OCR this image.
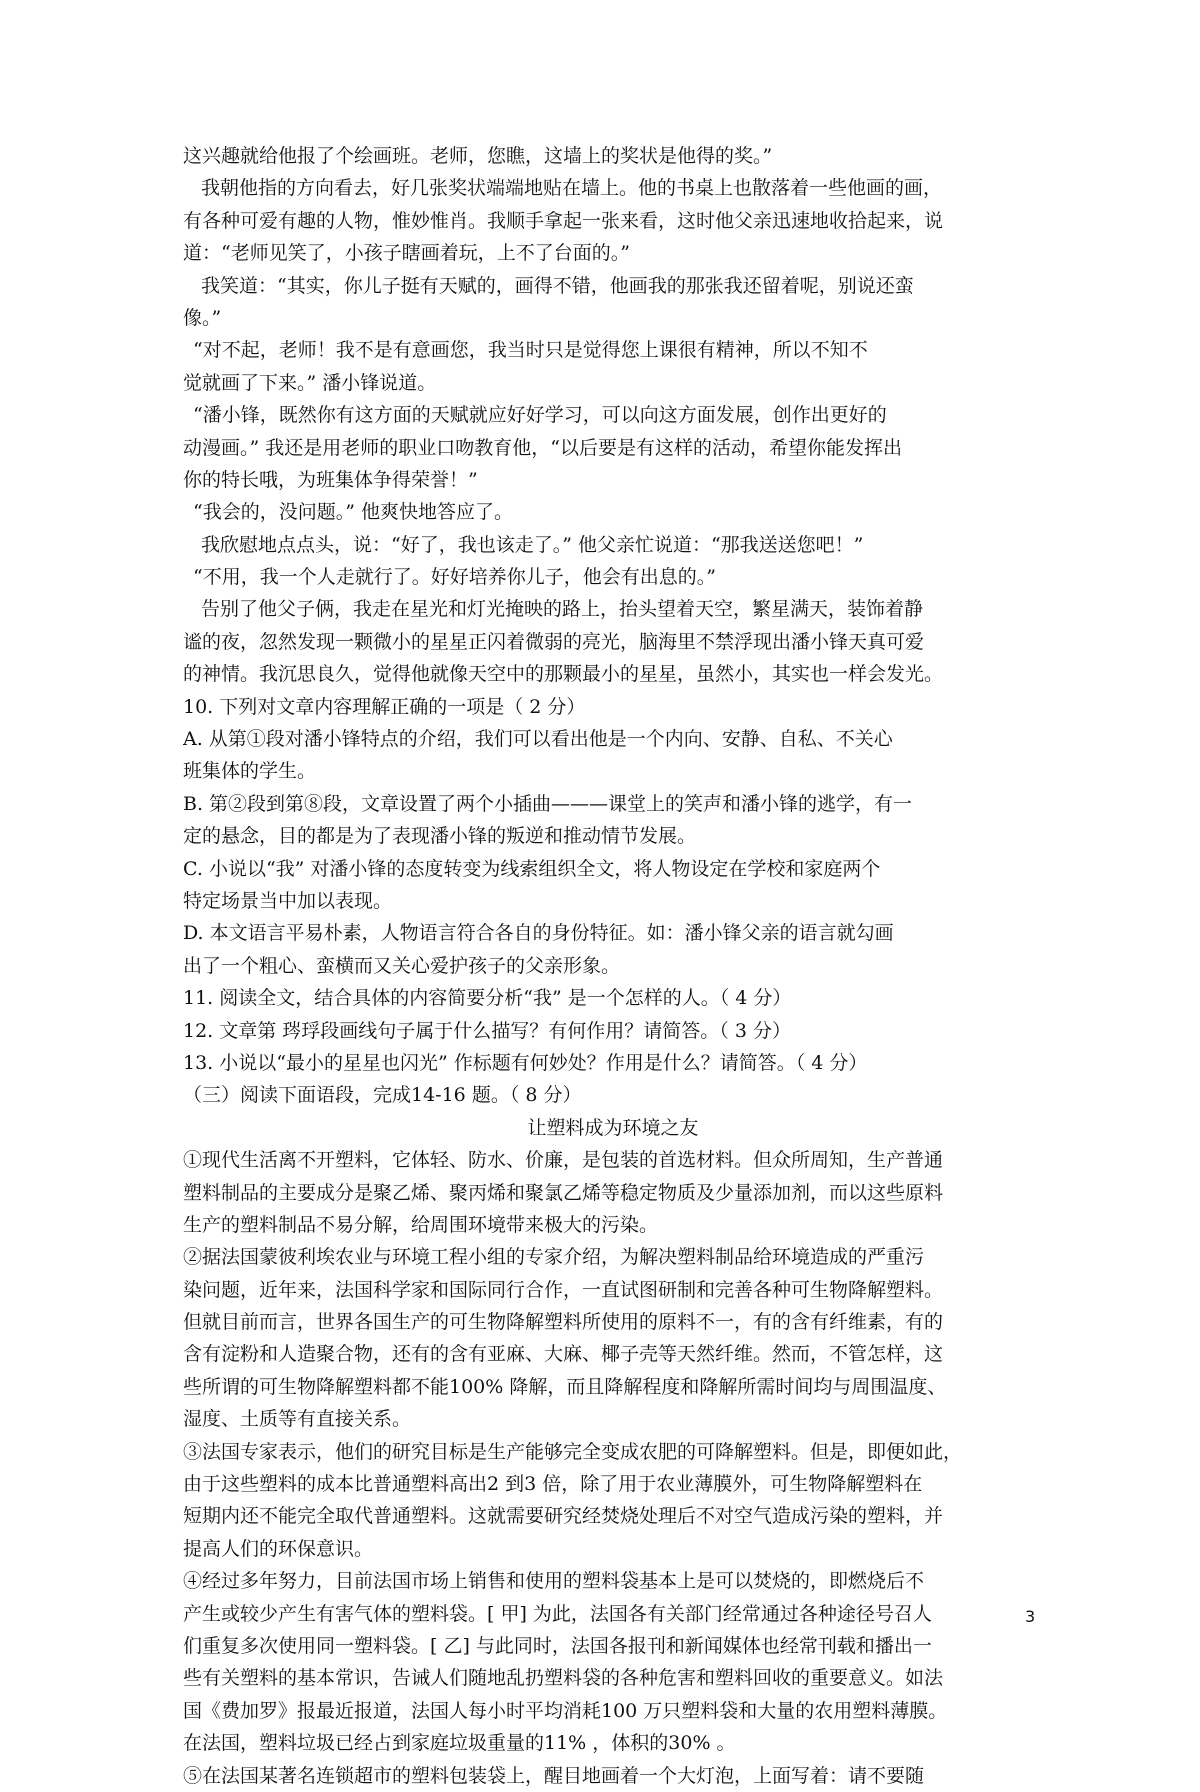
这兴趣就给他报了个绘画班。老师，您瞧，这墙上的奖状是他得的奖。”
我朝他指的方向看去，好几张奖状端端地贴在墙上。他的书桌上也散落着一些他画的画，
有各种可爱有趣的人物，惟妙惟肖。我顺手拿起一张来看，这时他父亲迅速地收拾起来，说
道：“老师见笑了，小孩子瞎画着玩，上不了台面的。”
我笑道：“其实，你儿子挺有天赋的，画得不错，他画我的那张我还留着呢，别说还蛮
像。”
“对不起，老师！我不是有意画您，我当时只是觉得您上课很有精神，所以不知不
觉就画了下来。” 潘小锋说道。
“潘小锋，既然你有这方面的天赋就应好好学习，可以向这方面发展，创作出更好的
动漫画。” 我还是用老师的职业口吻教育他，“以后要是有这样的活动，希望你能发挥出
你的特长哦，为班集体争得荣誉！”
“我会的，没问题。” 他爽快地答应了。
我欣慰地点点头，说：“好了，我也该走了。” 他父亲忙说道：“那我送送您吧！”
“不用，我一个人走就行了。好好培养你儿子，他会有出息的。”
告别了他父子俩，我走在星光和灯光掩映的路上，抬头望着天空，繁星满天，装饰着静
谧的夜，忽然发现一颗微小的星星正闪着微弱的亮光，脑海里不禁浮现出潘小锋天真可爱
的神情。我沉思良久，觉得他就像天空中的那颗最小的星星，虽然小，其实也一样会发光。
10. 下列对文章内容理解正确的一项是（ 2 分）
A. 从第①段对潘小锋特点的介绍，我们可以看出他是一个内向、安静、自私、不关心
班集体的学生。
B. 第②段到第⑧段，文章设置了两个小插曲———课堂上的笑声和潘小锋的逃学，有一
定的悬念，目的都是为了表现潘小锋的叛逆和推动情节发展。
C. 小说以“我” 对潘小锋的态度转变为线索组织全文，将人物设定在学校和家庭两个
特定场景当中加以表现。
D. 本文语言平易朴素，人物语言符合各自的身份特征。如：潘小锋父亲的语言就勾画
出了一个粗心、蛮横而又关心爱护孩子的父亲形象。
11. 阅读全文，结合具体的内容简要分析“我” 是一个怎样的人。（ 4 分）
12. 文章第 琌琈段画线句子属于什么描写？有何作用？请简答。（ 3 分）
13. 小说以“最小的星星也闪光” 作标题有何妙处？作用是什么？请简答。（ 4 分）
（三）阅读下面语段，完成14-16 题。（ 8 分）
让塑料成为环境之友
①现代生活离不开塑料，它体轻、防水、价廉，是包装的首选材料。但众所周知，生产普通
塑料制品的主要成分是聚乙烯、聚丙烯和聚氯乙烯等稳定物质及少量添加剂，而以这些原料
生产的塑料制品不易分解，给周围环境带来极大的污染。
②据法国蒙彼利埃农业与环境工程小组的专家介绍，为解决塑料制品给环境造成的严重污
染问题，近年来，法国科学家和国际同行合作，一直试图研制和完善各种可生物降解塑料。
但就目前而言，世界各国生产的可生物降解塑料所使用的原料不一，有的含有纤维素，有的
含有淀粉和人造聚合物，还有的含有亚麻、大麻、椰子壳等天然纤维。然而，不管怎样，这
些所谓的可生物降解塑料都不能100% 降解，而且降解程度和降解所需时间均与周围温度、
湿度、土质等有直接关系。
③法国专家表示，他们的研究目标是生产能够完全变成农肥的可降解塑料。但是，即便如此，
由于这些塑料的成本比普通塑料高出2 到3 倍，除了用于农业薄膜外，可生物降解塑料在
短期内还不能完全取代普通塑料。这就需要研究经焚烧处理后不对空气造成污染的塑料，并
提高人们的环保意识。
④经过多年努力，目前法国市场上销售和使用的塑料袋基本上是可以焚烧的，即燃烧后不
产生或较少产生有害气体的塑料袋。[ 甲] 为此，法国各有关部门经常通过各种途径号召人
们重复多次使用同一塑料袋。[ 乙] 与此同时，法国各报刊和新闻媒体也经常刊载和播出一
些有关塑料的基本常识，告诫人们随地乱扔塑料袋的各种危害和塑料回收的重要意义。如法
国《费加罗》报最近报道，法国人每小时平均消耗100 万只塑料袋和大量的农用塑料薄膜。
在法国，塑料垃圾已经占到家庭垃圾重量的11% ，体积的30% 。
⑤在法国某著名连锁超市的塑料包装袋上，醒目地画着一个大灯泡，上面写着：请不要随
3
